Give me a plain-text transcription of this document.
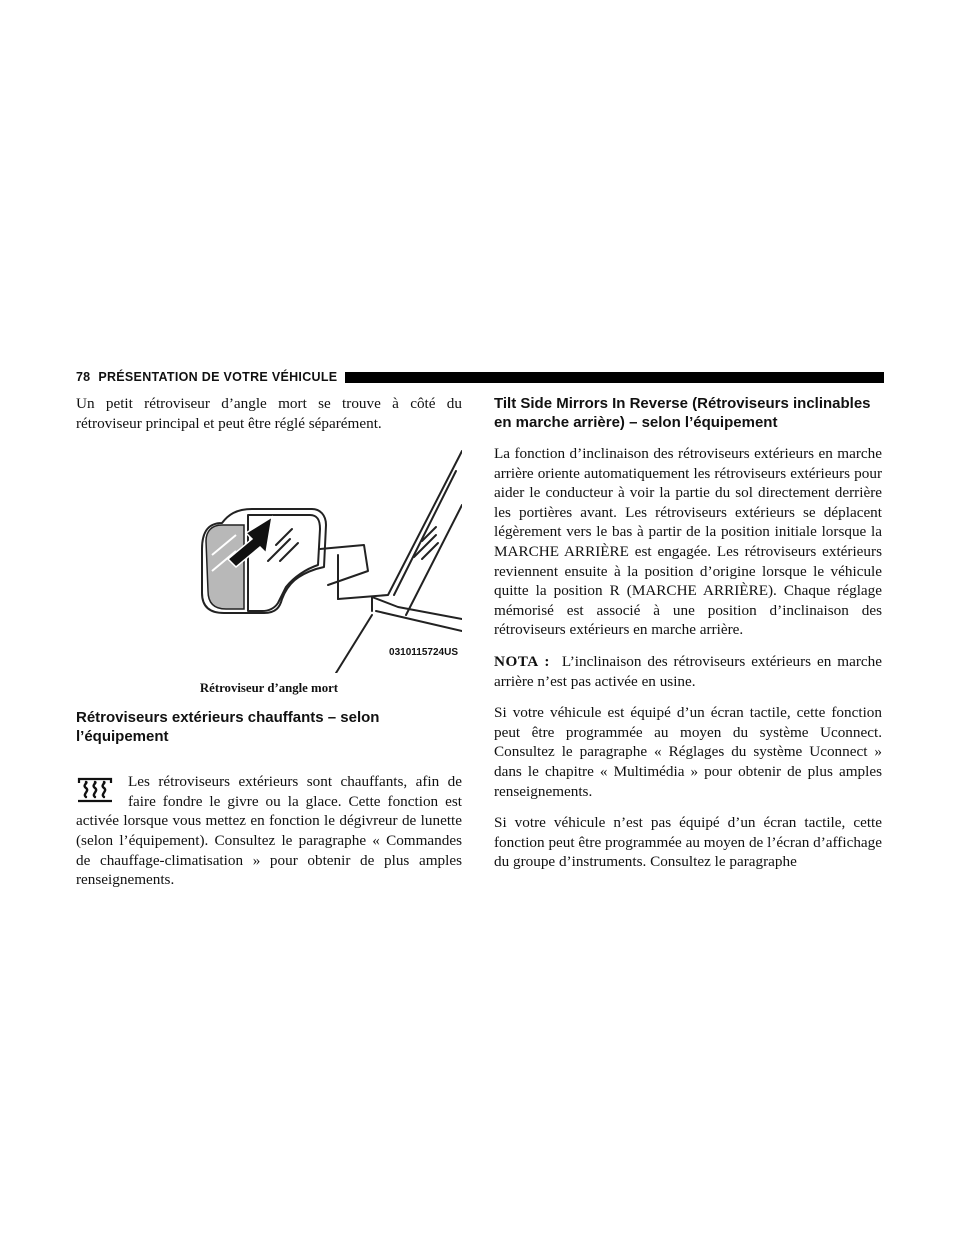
78 PRÉSENTATION DE VOTRE VÉHICULE

Un petit rétroviseur d’angle mort se trouve à côté du rétroviseur principal et peut être réglé séparément.

0310115724US
Rétroviseur d’angle mort
Rétroviseurs extérieurs chauffants – selon l’équipement

Les rétroviseurs extérieurs sont chauffants, afin de faire fondre le givre ou la glace. Cette fonction est activée lorsque vous mettez en fonction le dégivreur de lunette (selon l’équipement). Consultez le paragraphe « Commandes de chauffage-climatisation » pour obtenir de plus amples renseignements.

Tilt Side Mirrors In Reverse (Rétroviseurs inclinables en marche arrière) – selon l’équipement

La fonction d’inclinaison des rétroviseurs extérieurs en marche arrière oriente automatiquement les rétroviseurs extérieurs pour aider le conducteur à voir la partie du sol directement derrière les portières avant. Les rétroviseurs extérieurs se déplacent légèrement vers le bas à partir de la position initiale lorsque la MARCHE ARRIÈRE est engagée. Les rétroviseurs extérieurs reviennent ensuite à la position d’origine lorsque le véhicule quitte la position R (MARCHE ARRIÈRE). Chaque réglage mémorisé est associé à une position d’inclinaison des rétroviseurs extérieurs en marche arrière.

NOTA : L’inclinaison des rétroviseurs extérieurs en marche arrière n’est pas activée en usine.

Si votre véhicule est équipé d’un écran tactile, cette fonction peut être programmée au moyen du système Uconnect. Consultez le paragraphe « Réglages du système Uconnect » dans le chapitre « Multimédia » pour obtenir de plus amples renseignements.

Si votre véhicule n’est pas équipé d’un écran tactile, cette fonction peut être programmée au moyen de l’écran d’affichage du groupe d’instruments. Consultez le paragraphe
